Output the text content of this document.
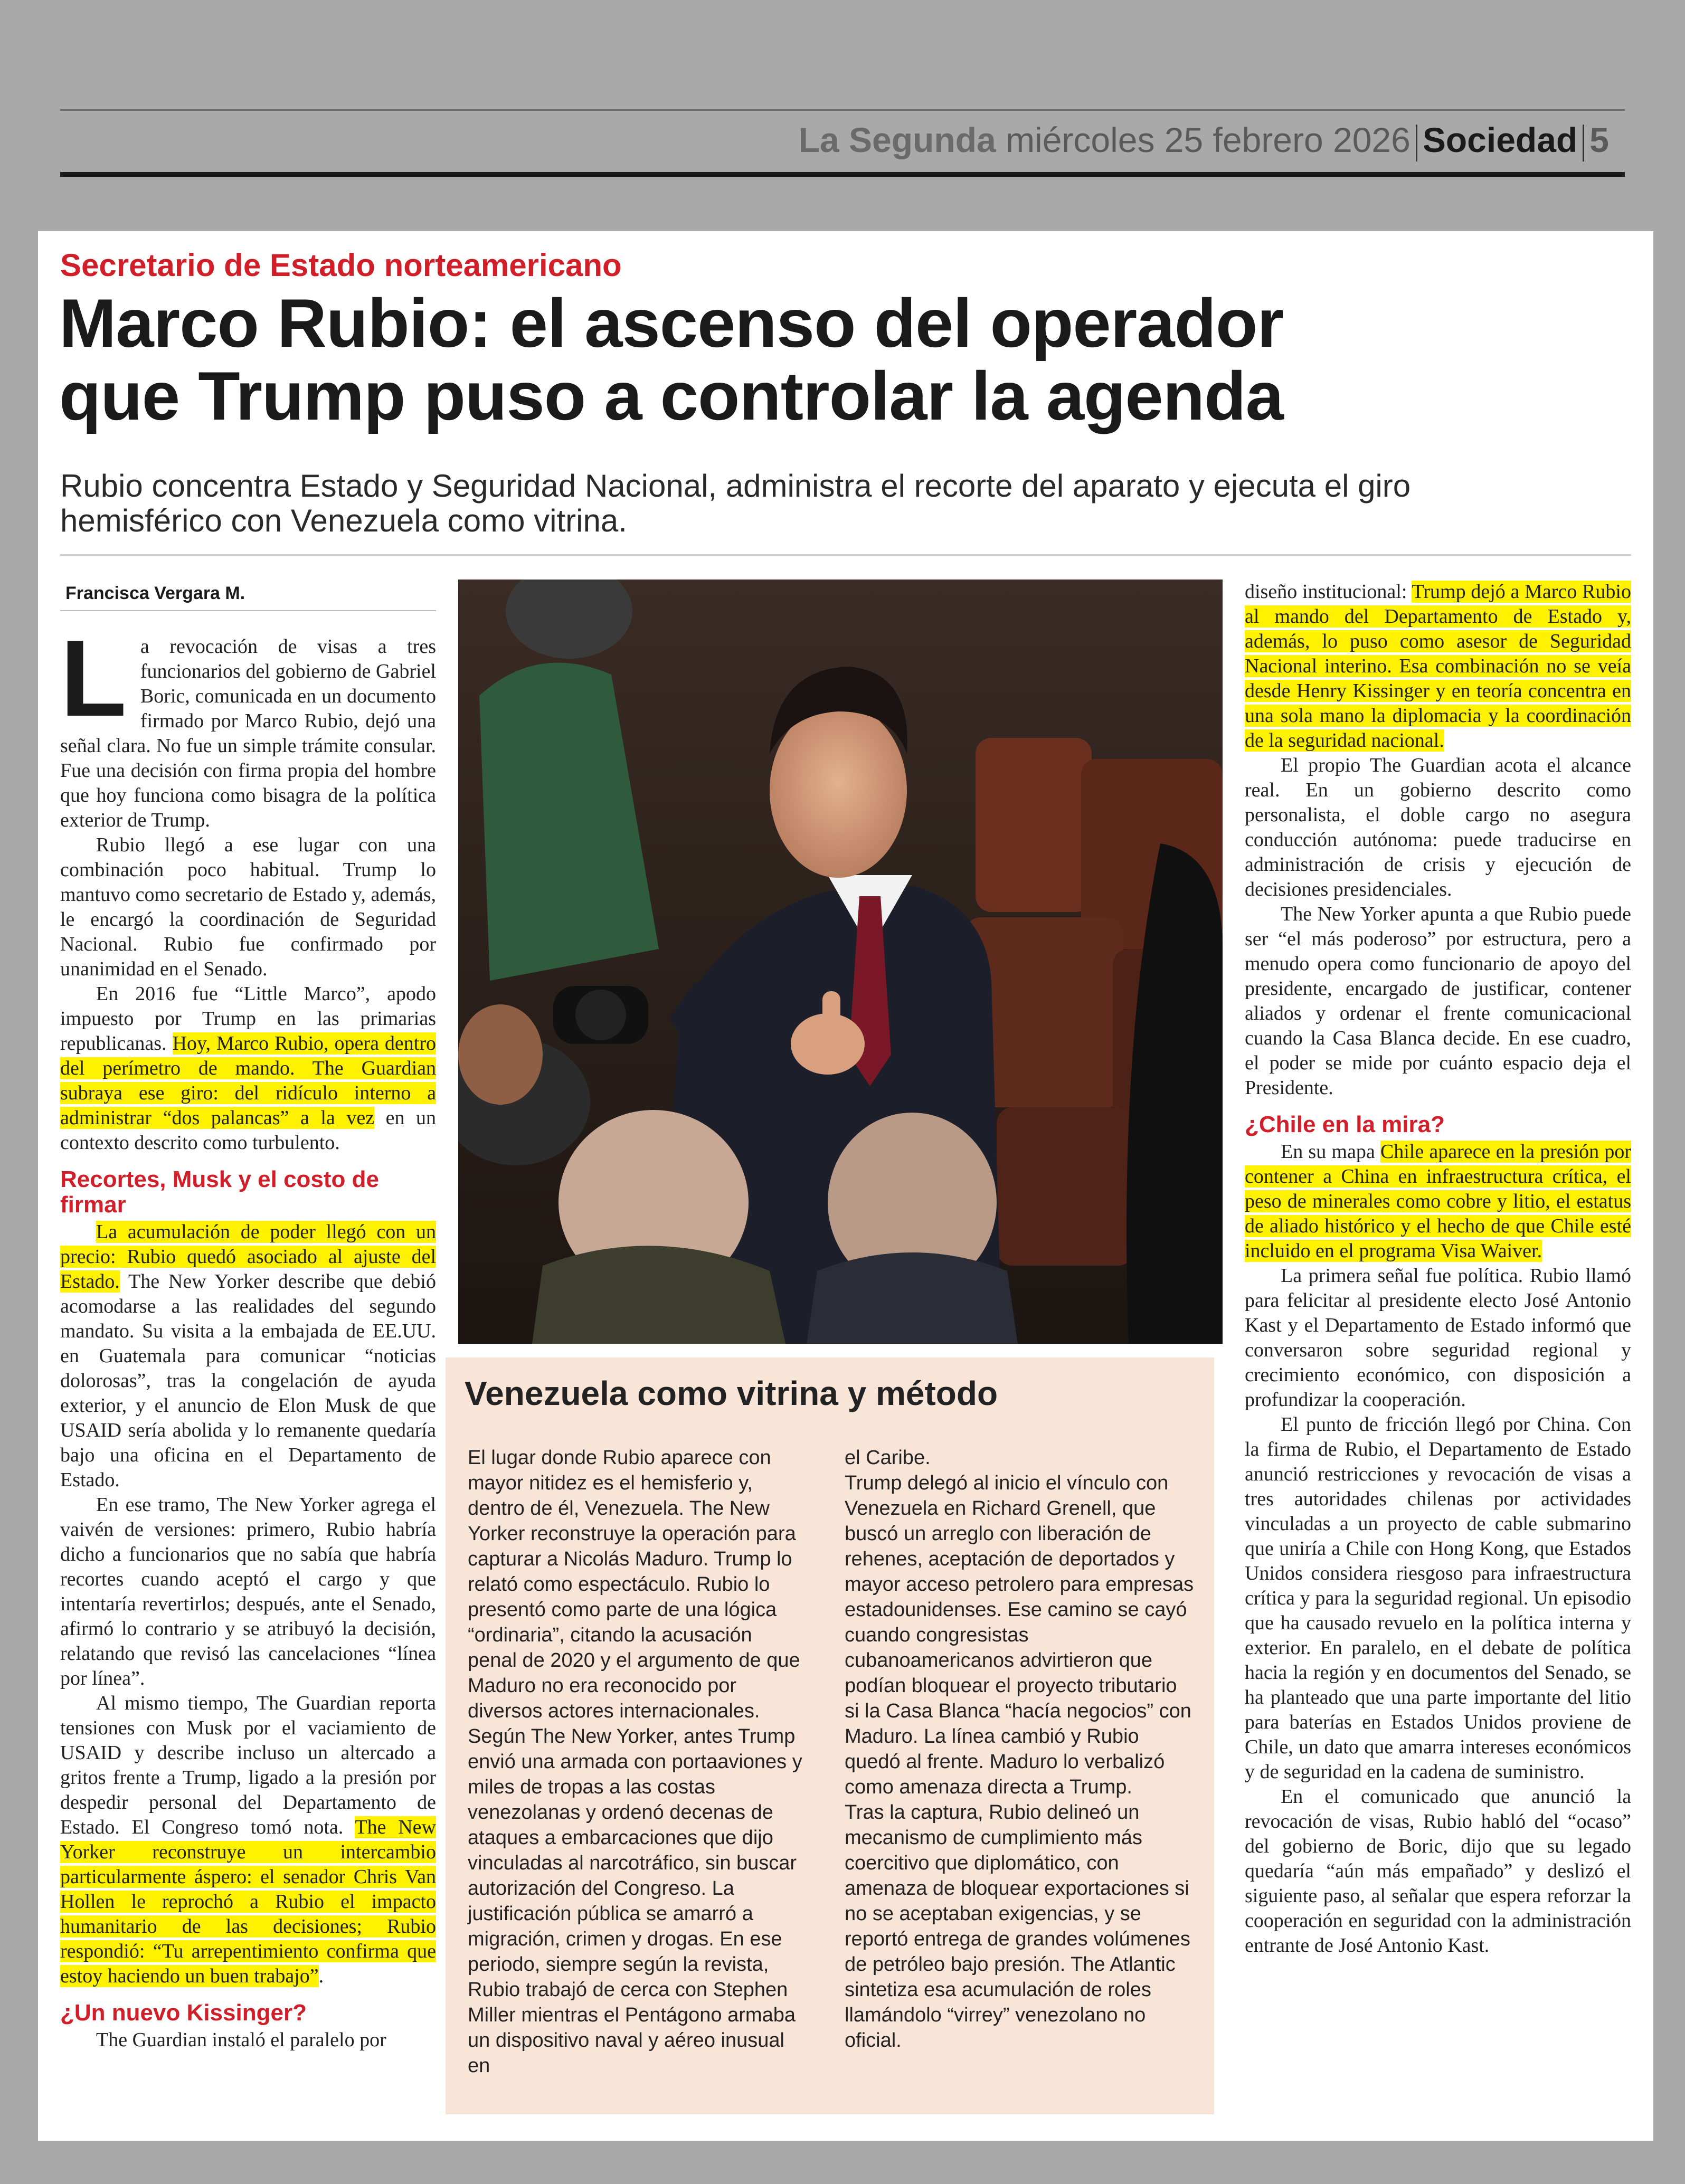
La Segunda miércoles 25 febrero 2026 Sociedad 5
Secretario de Estado norteamericano
Marco Rubio: el ascenso del operador
que Trump puso a controlar la agenda
Rubio concentra Estado y Seguridad Nacional, administra el recorte del aparato y ejecuta el giro hemisférico con Venezuela como vitrina.
Francisca Vergara M.

La revocación de visas a tres funcionarios del gobierno de Gabriel Boric, comunicada en un documento firmado por Marco Rubio, dejó una señal clara. No fue un simple trámite consular. Fue una decisión con firma propia del hombre que hoy funciona como bisagra de la política exterior de Trump.

Rubio llegó a ese lugar con una combinación poco habitual. Trump lo mantuvo como secretario de Estado y, además, le encargó la coordinación de Seguridad Nacional. Rubio fue confirmado por unanimidad en el Senado.

En 2016 fue “Little Marco”, apodo impuesto por Trump en las primarias republicanas. Hoy, Marco Rubio, opera dentro del perímetro de mando. The Guardian subraya ese giro: del ridículo interno a administrar “dos palancas” a la vez en un contexto descrito como turbulento.

Recortes, Musk y el costo de firmar

La acumulación de poder llegó con un precio: Rubio quedó asociado al ajuste del Estado. The New Yorker describe que debió acomodarse a las realidades del segundo mandato. Su visita a la embajada de EE.UU. en Guatemala para comunicar “noticias dolorosas”, tras la congelación de ayuda exterior, y el anuncio de Elon Musk de que USAID sería abolida y lo remanente quedaría bajo una oficina en el Departamento de Estado.

En ese tramo, The New Yorker agrega el vaivén de versiones: primero, Rubio habría dicho a funcionarios que no sabía que habría recortes cuando aceptó el cargo y que intentaría revertirlos; después, ante el Senado, afirmó lo contrario y se atribuyó la decisión, relatando que revisó las cancelaciones “línea por línea”.

Al mismo tiempo, The Guardian reporta tensiones con Musk por el vaciamiento de USAID y describe incluso un altercado a gritos frente a Trump, ligado a la presión por despedir personal del Departamento de Estado. El Congreso tomó nota. The New Yorker reconstruye un intercambio particularmente áspero: el senador Chris Van Hollen le reprochó a Rubio el impacto humanitario de las decisiones; Rubio respondió: “Tu arrepentimiento confirma que estoy haciendo un buen trabajo”.

¿Un nuevo Kissinger?

The Guardian instaló el paralelo por

diseño institucional: Trump dejó a Marco Rubio al mando del Departamento de Estado y, además, lo puso como asesor de Seguridad Nacional interino. Esa combinación no se veía desde Henry Kissinger y en teoría concentra en una sola mano la diplomacia y la coordinación de la seguridad nacional.

El propio The Guardian acota el alcance real. En un gobierno descrito como personalista, el doble cargo no asegura conducción autónoma: puede traducirse en administración de crisis y ejecución de decisiones presidenciales.

The New Yorker apunta a que Rubio puede ser “el más poderoso” por estructura, pero a menudo opera como funcionario de apoyo del presidente, encargado de justificar, contener aliados y ordenar el frente comunicacional cuando la Casa Blanca decide. En ese cuadro, el poder se mide por cuánto espacio deja el Presidente.

¿Chile en la mira?

En su mapa Chile aparece en la presión por contener a China en infraestructura crítica, el peso de minerales como cobre y litio, el estatus de aliado histórico y el hecho de que Chile esté incluido en el programa Visa Waiver.

La primera señal fue política. Rubio llamó para felicitar al presidente electo José Antonio Kast y el Departamento de Estado informó que conversaron sobre seguridad regional y crecimiento económico, con disposición a profundizar la cooperación.

El punto de fricción llegó por China. Con la firma de Rubio, el Departamento de Estado anunció restricciones y revocación de visas a tres autoridades chilenas por actividades vinculadas a un proyecto de cable submarino que uniría a Chile con Hong Kong, que Estados Unidos considera riesgoso para infraestructura crítica y para la seguridad regional. Un episodio que ha causado revuelo en la política interna y exterior. En paralelo, en el debate de política hacia la región y en documentos del Senado, se ha planteado que una parte importante del litio para baterías en Estados Unidos proviene de Chile, un dato que amarra intereses económicos y de seguridad en la cadena de suministro.

En el comunicado que anunció la revocación de visas, Rubio habló del “ocaso” del gobierno de Boric, dijo que su legado quedaría “aún más empañado” y deslizó el siguiente paso, al señalar que espera reforzar la cooperación en seguridad con la administración entrante de José Antonio Kast.

Venezuela como vitrina y método

El lugar donde Rubio aparece con mayor nitidez es el hemisferio y, dentro de él, Venezuela. The New Yorker reconstruye la operación para capturar a Nicolás Maduro. Trump lo relató como espectáculo. Rubio lo presentó como parte de una lógica “ordinaria”, citando la acusación penal de 2020 y el argumento de que Maduro no era reconocido por diversos actores internacionales.

Según The New Yorker, antes Trump envió una armada con portaaviones y miles de tropas a las costas venezolanas y ordenó decenas de ataques a embarcaciones que dijo vinculadas al narcotráfico, sin buscar autorización del Congreso. La justificación pública se amarró a migración, crimen y drogas. En ese periodo, siempre según la revista, Rubio trabajó de cerca con Stephen Miller mientras el Pentágono armaba un dispositivo naval y aéreo inusual en

el Caribe.

Trump delegó al inicio el vínculo con Venezuela en Richard Grenell, que buscó un arreglo con liberación de rehenes, aceptación de deportados y mayor acceso petrolero para empresas estadounidenses. Ese camino se cayó cuando congresistas cubanoamericanos advirtieron que podían bloquear el proyecto tributario si la Casa Blanca “hacía negocios” con Maduro. La línea cambió y Rubio quedó al frente. Maduro lo verbalizó como amenaza directa a Trump.

Tras la captura, Rubio delineó un mecanismo de cumplimiento más coercitivo que diplomático, con amenaza de bloquear exportaciones si no se aceptaban exigencias, y se reportó entrega de grandes volúmenes de petróleo bajo presión. The Atlantic sintetiza esa acumulación de roles llamándolo “virrey” venezolano no oficial.
